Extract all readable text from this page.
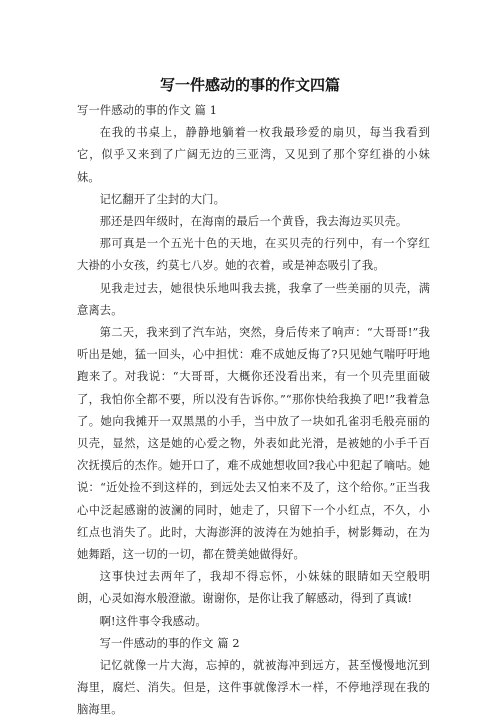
写一件感动的事的作文四篇

写一件感动的事的作文 篇 1

在我的书桌上，静静地躺着一枚我最珍爱的扇贝，每当我看到它，似乎又来到了广阔无边的三亚湾，又见到了那个穿红褂的小妹妹。

记忆翻开了尘封的大门。

那还是四年级时，在海南的最后一个黄昏，我去海边买贝壳。

那可真是一个五光十色的天地，在买贝壳的行列中，有一个穿红大褂的小女孩，约莫七八岁。她的衣着，或是神态吸引了我。

见我走过去，她很快乐地叫我去挑，我拿了一些美丽的贝壳，满意离去。

第二天，我来到了汽车站，突然，身后传来了响声：“大哥哥!”我听出是她，猛一回头，心中担忧：难不成她反悔了?只见她气喘吁吁地跑来了。对我说：“大哥哥，大概你还没看出来，有一个贝壳里面破了，我怕你全都不要，所以没有告诉你。”“那你快给我换了吧!”我着急了。她向我摊开一双黑黑的小手，当中放了一块如孔雀羽毛般亮丽的贝壳，显然，这是她的心爱之物，外表如此光滑，是被她的小手千百次抚摸后的杰作。她开口了，难不成她想收回?我心中犯起了嘀咕。她说：“近处捡不到这样的，到远处去又怕来不及了，这个给你。”正当我心中泛起感谢的波澜的同时，她走了，只留下一个小红点，不久，小红点也消失了。此时，大海澎湃的波涛在为她拍手，树影舞动，在为她舞蹈，这一切的一切，都在赞美她做得好。

这事快过去两年了，我却不得忘怀，小妹妹的眼睛如天空般明朗，心灵如海水般澄澈。谢谢你，是你让我了解感动，得到了真诚!

啊!这件事令我感动。

写一件感动的事的作文 篇 2

记忆就像一片大海，忘掉的，就被海冲到远方，甚至慢慢地沉到海里，腐烂、消失。但是，这件事就像浮木一样，不停地浮现在我的脑海里。
